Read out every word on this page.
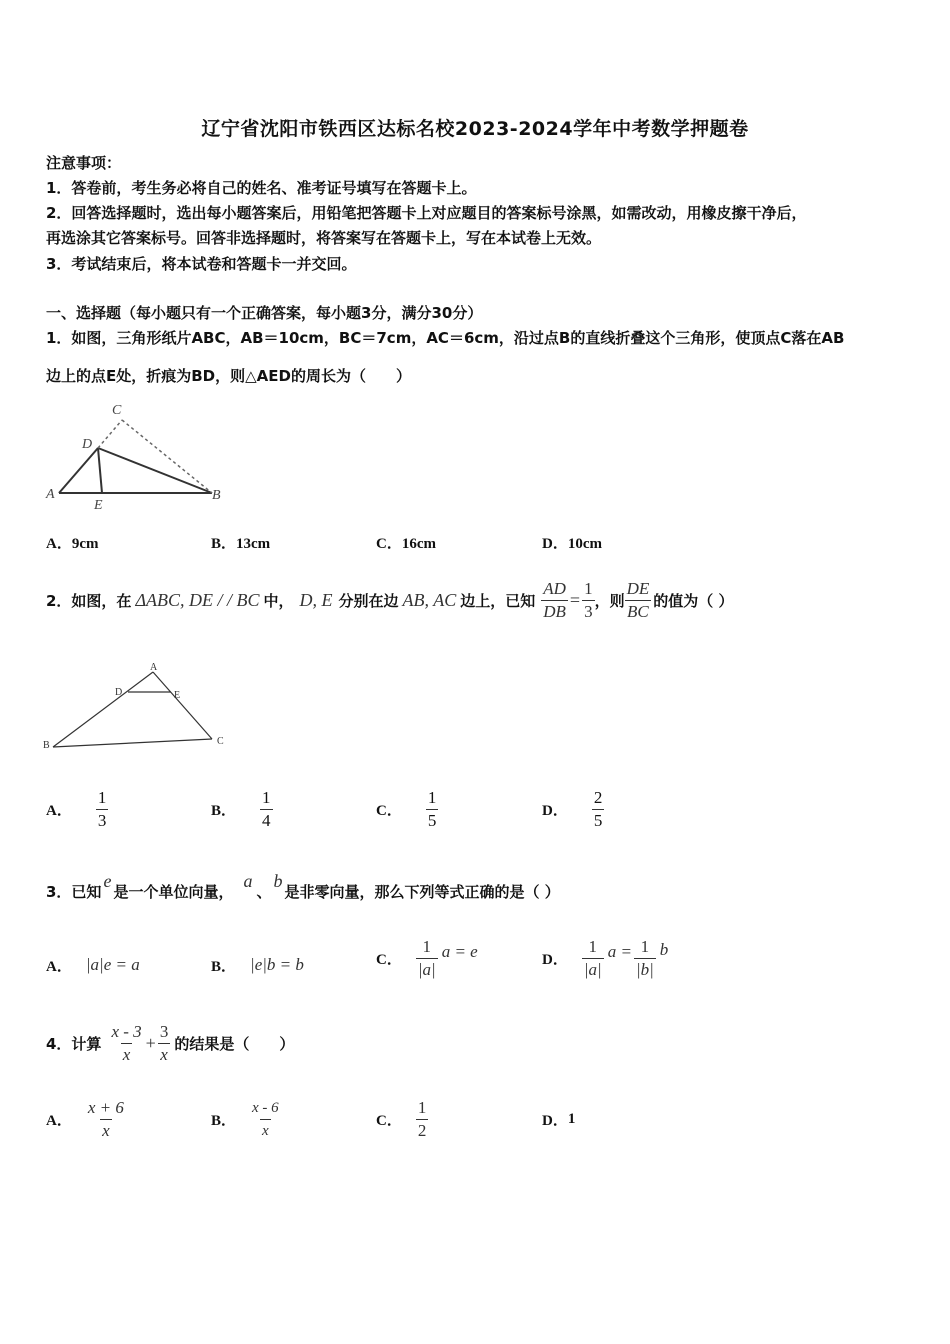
辽宁省沈阳市铁西区达标名校2023-2024学年中考数学押题卷
注意事项：
1．答卷前，考生务必将自己的姓名、准考证号填写在答题卡上。
2．回答选择题时，选出每小题答案后，用铅笔把答题卡上对应题目的答案标号涂黑，如需改动，用橡皮擦干净后，
再选涂其它答案标号。回答非选择题时，将答案写在答题卡上，写在本试卷上无效。
3．考试结束后，将本试卷和答题卡一并交回。
一、选择题（每小题只有一个正确答案，每小题3分，满分30分）
1．如图，三角形纸片ABC，AB＝10cm，BC＝7cm，AC＝6cm，沿过点B的直线折叠这个三角形，使顶点C落在AB
边上的点E处，折痕为BD，则△AED的周长为（　　）
A	B
C
D
E
A．9cm	B．13cm	C．16cm	D．10cm
2．如图，在 ΔABC, DE / / BC 中， D, E 分别在边 AB, AC 边上，已知 $\frac{AD}{DB} = \frac{1}{3}$ ，则 $\frac{DE}{BC}$ 的值为（ ）
A
B	C
D	E
A． $\frac{1}{3}$	B． $\frac{1}{4}$	C． $\frac{1}{5}$	D． $\frac{2}{5}$
3．已知
e
是一个单位向量，
a
、
b
是非零向量，那么下列等式正确的是（ ）
A． |a|e = a	B． |e|b = b	C． $\frac{1}{|a|}$ a = e	D． $\frac{1}{|a|}$ $a = \frac{1}{|b|}$ b
4．计算 $\frac{x - 3}{x} + \frac{3}{x}$ 的结果是（　　）
A． $\frac{x + 6}{x}$	B． $\frac{x - 6}{x}$	C． $\frac{1}{2}$	D． 1
